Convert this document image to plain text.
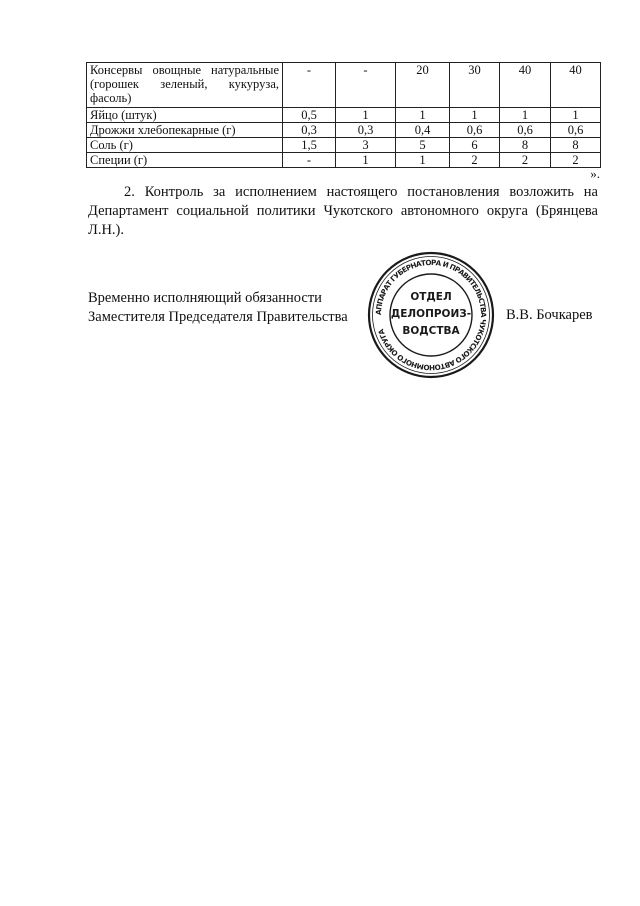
Консервы овощные натуральные (горошек зеленый, кукуруза, фасоль)	-	-	20	30	40	40
Яйцо (штук)	0,5	1	1	1	1	1
Дрожжи хлебопекарные (г)	0,3	0,3	0,4	0,6	0,6	0,6
Соль (г)	1,5	3	5	6	8	8
Специи (г)	-	1	1	2	2	2
».

2. Контроль за исполнением настоящего постановления возложить на Департамент социальной политики Чукотского автономного округа (Брянцева Л.Н.).

Временно исполняющий обязанности
Заместителя Председателя Правительства	АППАРАТ ГУБЕРНАТОРА И ПРАВИТЕЛЬСТВА ЧУКОТСКОГО АВТОНОМНОГО ОКРУГА
ОТДЕЛ
ДЕЛОПРОИЗ-
ВОДСТВА
В.В. Бочкарев
